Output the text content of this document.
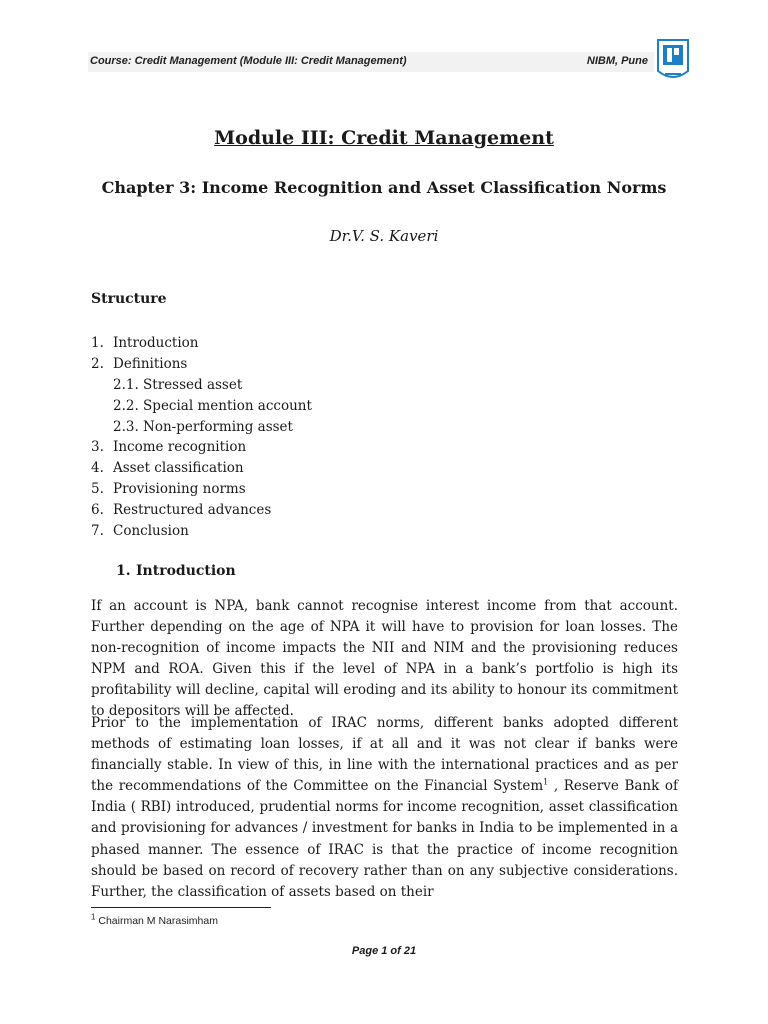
Course: Credit Management (Module III: Credit Management)	NIBM, Pune
Module III: Credit Management
Chapter 3: Income Recognition and Asset Classification Norms
Dr.V. S. Kaveri
Structure
1. Introduction
2. Definitions
2.1. Stressed asset
2.2. Special mention account
2.3. Non-performing asset
3. Income recognition
4. Asset classification
5. Provisioning norms
6. Restructured advances
7. Conclusion
1. Introduction

If an account is NPA, bank cannot recognise interest income from that account. Further depending on the age of NPA it will have to provision for loan losses. The non-recognition of income impacts the NII and NIM and the provisioning reduces NPM and ROA. Given this if the level of NPA in a bank’s portfolio is high its profitability will decline, capital will eroding and its ability to honour its commitment to depositors will be affected.

Prior to the implementation of IRAC norms, different banks adopted different methods of estimating loan losses, if at all and it was not clear if banks were financially stable. In view of this, in line with the international practices and as per the recommendations of the Committee on the Financial System$^1$ , Reserve Bank of India ( RBI) introduced, prudential norms for income recognition, asset classification and provisioning for advances / investment for banks in India to be implemented in a phased manner. The essence of IRAC is that the practice of income recognition should be based on record of recovery rather than on any subjective considerations. Further, the classification of assets based on their

$^1$ Chairman M Narasimham
Page 1 of 21
